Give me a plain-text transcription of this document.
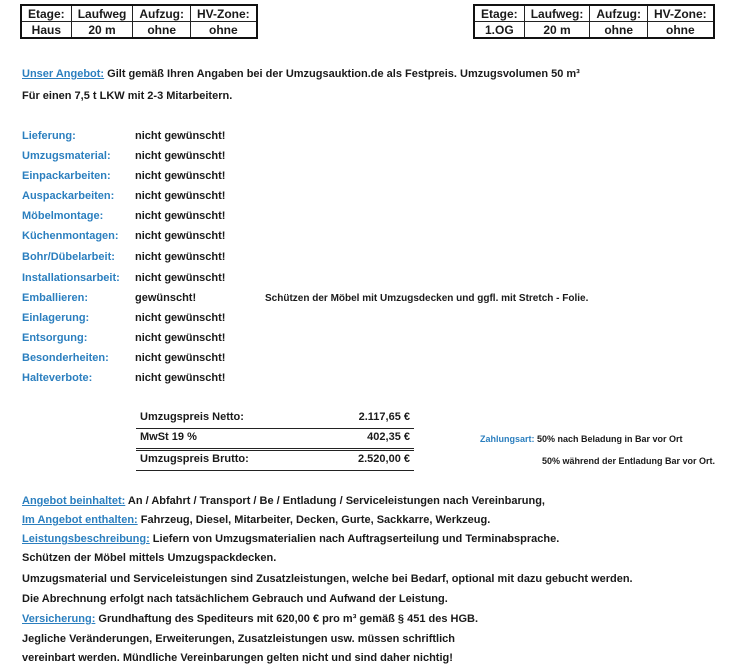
Etage:	Laufweg	Aufzug:	HV-Zone:
Haus	20 m	ohne	ohne
Etage:	Laufweg:	Aufzug:	HV-Zone:
1.OG	20 m	ohne	ohne
Unser Angebot: Gilt gemäß Ihren Angaben bei der Umzugsauktion.de als Festpreis. Umzugsvolumen 50 m³
Für einen 7,5 t LKW mit 2-3 Mitarbeitern.
Lieferung:	nicht gewünscht!
Umzugsmaterial: nicht gewünscht!
Einpackarbeiten: nicht gewünscht!
Auspackarbeiten: nicht gewünscht!
Möbelmontage:	nicht gewünscht!
Küchenmontagen: nicht gewünscht!
Bohr/Dübelarbeit: nicht gewünscht!
Installationsarbeit: nicht gewünscht!
Emballieren:	gewünscht!	Schützen der Möbel mit Umzugsdecken und ggfl. mit Stretch - Folie.
Einlagerung:	nicht gewünscht!
Entsorgung:	nicht gewünscht!
Besonderheiten: nicht gewünscht!
Halteverbote:	nicht gewünscht!
Umzugspreis Netto:	2.117,65 €
MwSt 19 %	402,35 €
Umzugspreis Brutto:	2.520,00 €
Zahlungsart: 50% nach Beladung in Bar vor Ort
50% während der Entladung Bar vor Ort.
Angebot beinhaltet: An / Abfahrt / Transport / Be / Entladung / Serviceleistungen nach Vereinbarung,
Im Angebot enthalten: Fahrzeug, Diesel, Mitarbeiter, Decken, Gurte, Sackkarre, Werkzeug.
Leistungsbeschreibung: Liefern von Umzugsmaterialien nach Auftragserteilung und Terminabsprache.
Schützen der Möbel mittels Umzugspackdecken.
Umzugsmaterial und Serviceleistungen sind Zusatzleistungen, welche bei Bedarf, optional mit dazu gebucht werden.
Die Abrechnung erfolgt nach tatsächlichem Gebrauch und Aufwand der Leistung.
Versicherung: Grundhaftung des Spediteurs mit 620,00 € pro m³ gemäß § 451 des HGB.
Jegliche Veränderungen, Erweiterungen, Zusatzleistungen usw. müssen schriftlich
vereinbart werden. Mündliche Vereinbarungen gelten nicht und sind daher nichtig!
